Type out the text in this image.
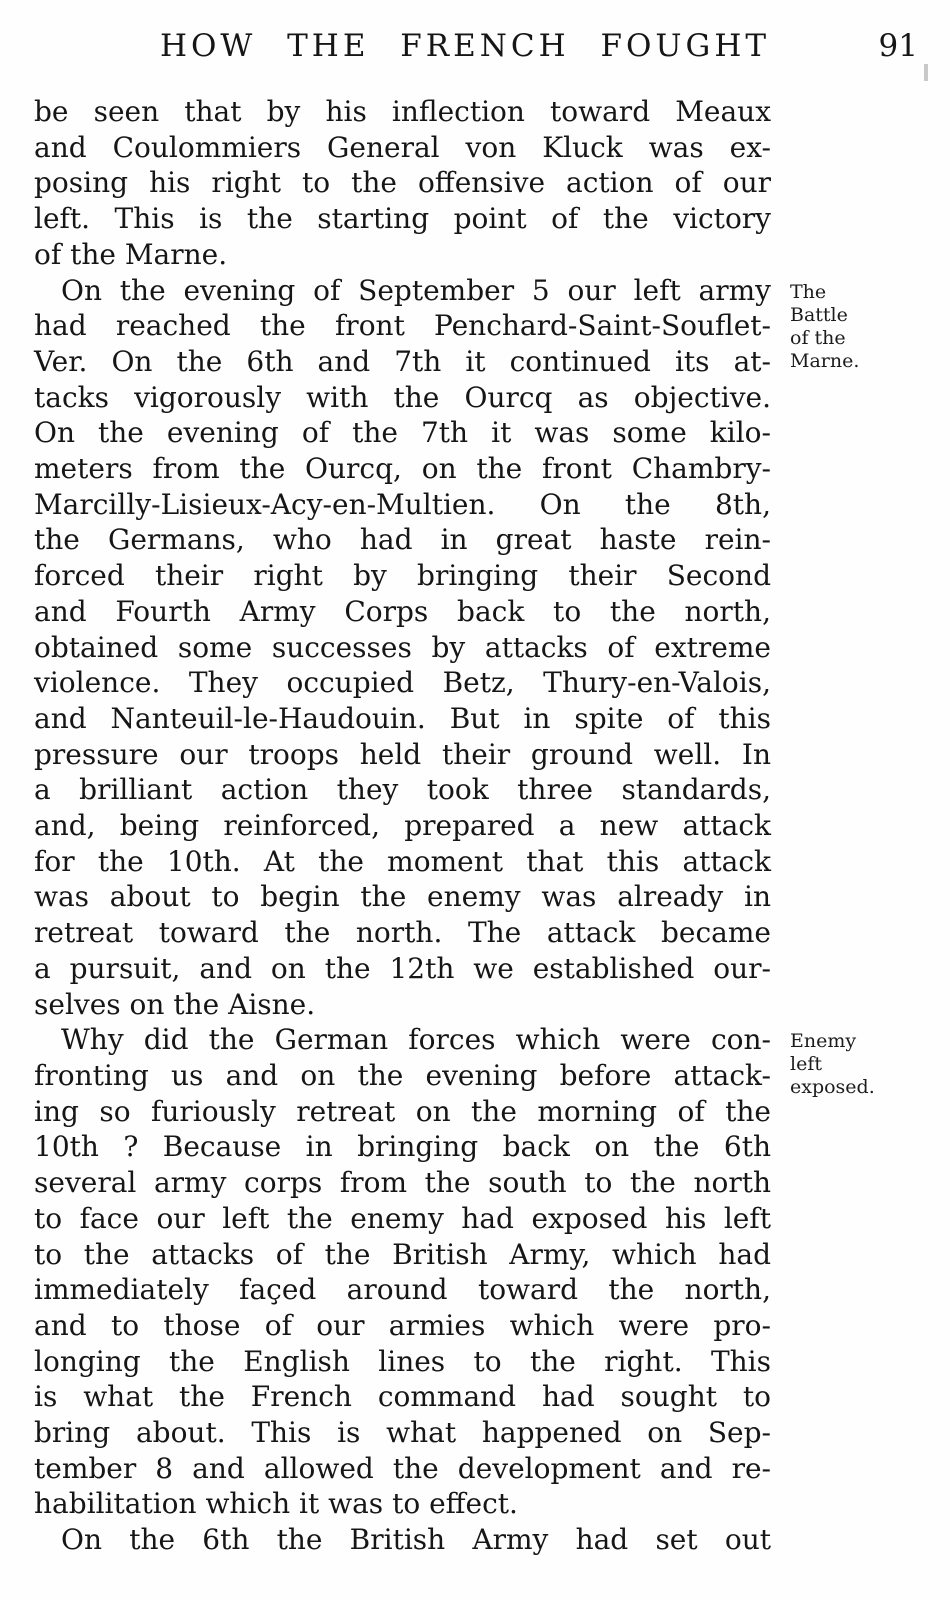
HOW THE FRENCH FOUGHT	91
be seen that by his inflection toward Meaux
and Coulommiers General von Kluck was ex-
posing his right to the offensive action of our
left. This is the starting point of the victory
of the Marne.
On the evening of September 5 our left army
had reached the front Penchard-Saint-Souflet-
Ver. On the 6th and 7th it continued its at-
tacks vigorously with the Ourcq as objective.
On the evening of the 7th it was some kilo-
meters from the Ourcq, on the front Chambry-
Marcilly-Lisieux-Acy-en-Multien. On the 8th,
the Germans, who had in great haste rein-
forced their right by bringing their Second
and Fourth Army Corps back to the north,
obtained some successes by attacks of extreme
violence. They occupied Betz, Thury-en-Valois,
and Nanteuil-le-Haudouin. But in spite of this
pressure our troops held their ground well. In
a brilliant action they took three standards,
and, being reinforced, prepared a new attack
for the 10th. At the moment that this attack
was about to begin the enemy was already in
retreat toward the north. The attack became
a pursuit, and on the 12th we established our-
selves on the Aisne.
Why did the German forces which were con-
fronting us and on the evening before attack-
ing so furiously retreat on the morning of the
10th ? Because in bringing back on the 6th
several army corps from the south to the north
to face our left the enemy had exposed his left
to the attacks of the British Army, which had
immediately façed around toward the north,
and to those of our armies which were pro-
longing the English lines to the right. This
is what the French command had sought to
bring about. This is what happened on Sep-
tember 8 and allowed the development and re-
habilitation which it was to effect.
On the 6th the British Army had set out
The
Battle
of the
Marne.
Enemy
left
exposed.
